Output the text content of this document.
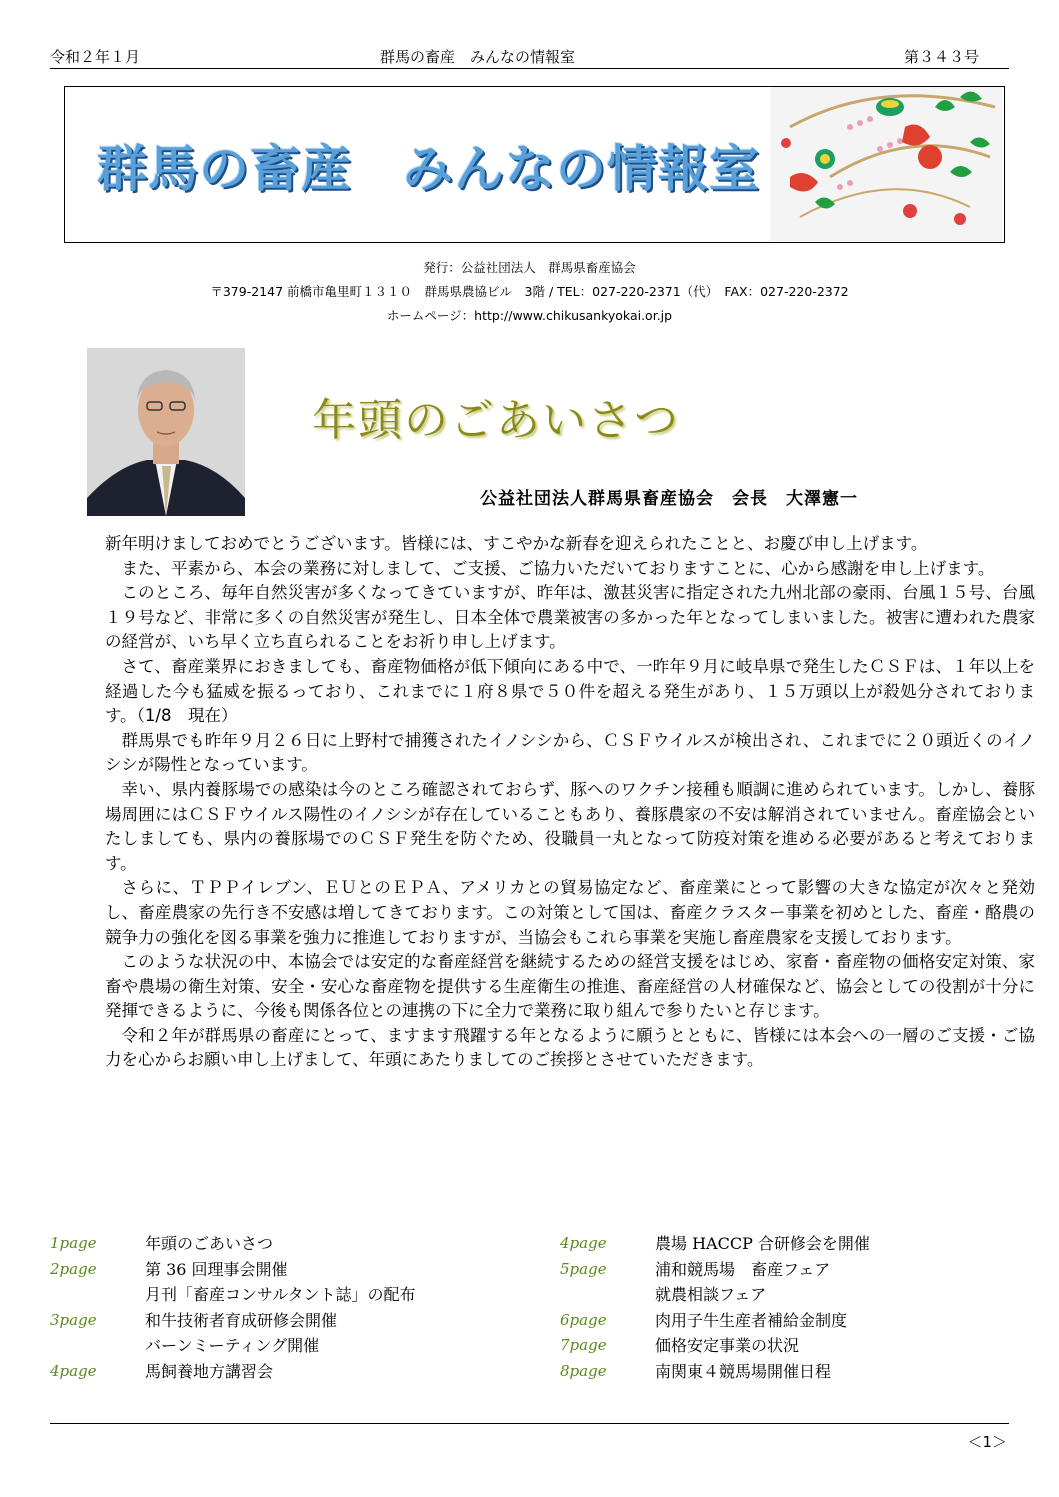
令和２年１月	群馬の畜産　みんなの情報室	第３４３号
群馬の畜産　みんなの情報室
発行：公益社団法人　群馬県畜産協会
〒379-2147 前橋市亀里町１３１０　群馬県農協ビル　3階 / TEL：027-220-2371（代）　FAX：027-220-2372
ホームページ：http://www.chikusankyokai.or.jp
年頭のごあいさつ
公益社団法人群馬県畜産協会　会長　大澤憲一

新年明けましておめでとうございます。皆様には、すこやかな新春を迎えられたことと、お慶び申し上げます。

また、平素から、本会の業務に対しまして、ご支援、ご協力いただいておりますことに、心から感謝を申し上げます。

このところ、毎年自然災害が多くなってきていますが、昨年は、激甚災害に指定された九州北部の豪雨、台風１５号、台風１９号など、非常に多くの自然災害が発生し、日本全体で農業被害の多かった年となってしまいました。被害に遭われた農家の経営が、いち早く立ち直られることをお祈り申し上げます。

さて、畜産業界におきましても、畜産物価格が低下傾向にある中で、一昨年９月に岐阜県で発生したＣＳＦは、１年以上を経過した今も猛威を振るっており、これまでに１府８県で５０件を超える発生があり、１５万頭以上が殺処分されております。（1/8　現在）

群馬県でも昨年９月２６日に上野村で捕獲されたイノシシから、ＣＳＦウイルスが検出され、これまでに２０頭近くのイノシシが陽性となっています。

幸い、県内養豚場での感染は今のところ確認されておらず、豚へのワクチン接種も順調に進められています。しかし、養豚場周囲にはＣＳＦウイルス陽性のイノシシが存在していることもあり、養豚農家の不安は解消されていません。畜産協会といたしましても、県内の養豚場でのＣＳＦ発生を防ぐため、役職員一丸となって防疫対策を進める必要があると考えております。

さらに、ＴＰＰイレブン、ＥＵとのＥＰＡ、アメリカとの貿易協定など、畜産業にとって影響の大きな協定が次々と発効し、畜産農家の先行き不安感は増してきております。この対策として国は、畜産クラスター事業を初めとした、畜産・酪農の競争力の強化を図る事業を強力に推進しておりますが、当協会もこれら事業を実施し畜産農家を支援しております。

このような状況の中、本協会では安定的な畜産経営を継続するための経営支援をはじめ、家畜・畜産物の価格安定対策、家畜や農場の衛生対策、安全・安心な畜産物を提供する生産衛生の推進、畜産経営の人材確保など、協会としての役割が十分に発揮できるように、今後も関係各位との連携の下に全力で業務に取り組んで参りたいと存じます。

令和２年が群馬県の畜産にとって、ますます飛躍する年となるように願うとともに、皆様には本会への一層のご支援・ご協力を心からお願い申し上げまして、年頭にあたりましてのご挨拶とさせていただきます。

1page	年頭のごあいさつ
2page	第 36 回理事会開催
月刊「畜産コンサルタント誌」の配布
3page	和牛技術者育成研修会開催
バーンミーティング開催
4page	馬飼養地方講習会
4page	農場 HACCP 合研修会を開催
5page	浦和競馬場　畜産フェア
就農相談フェア
6page	肉用子牛生産者補給金制度
7page	価格安定事業の状況
8page	南関東４競馬場開催日程
＜1＞
